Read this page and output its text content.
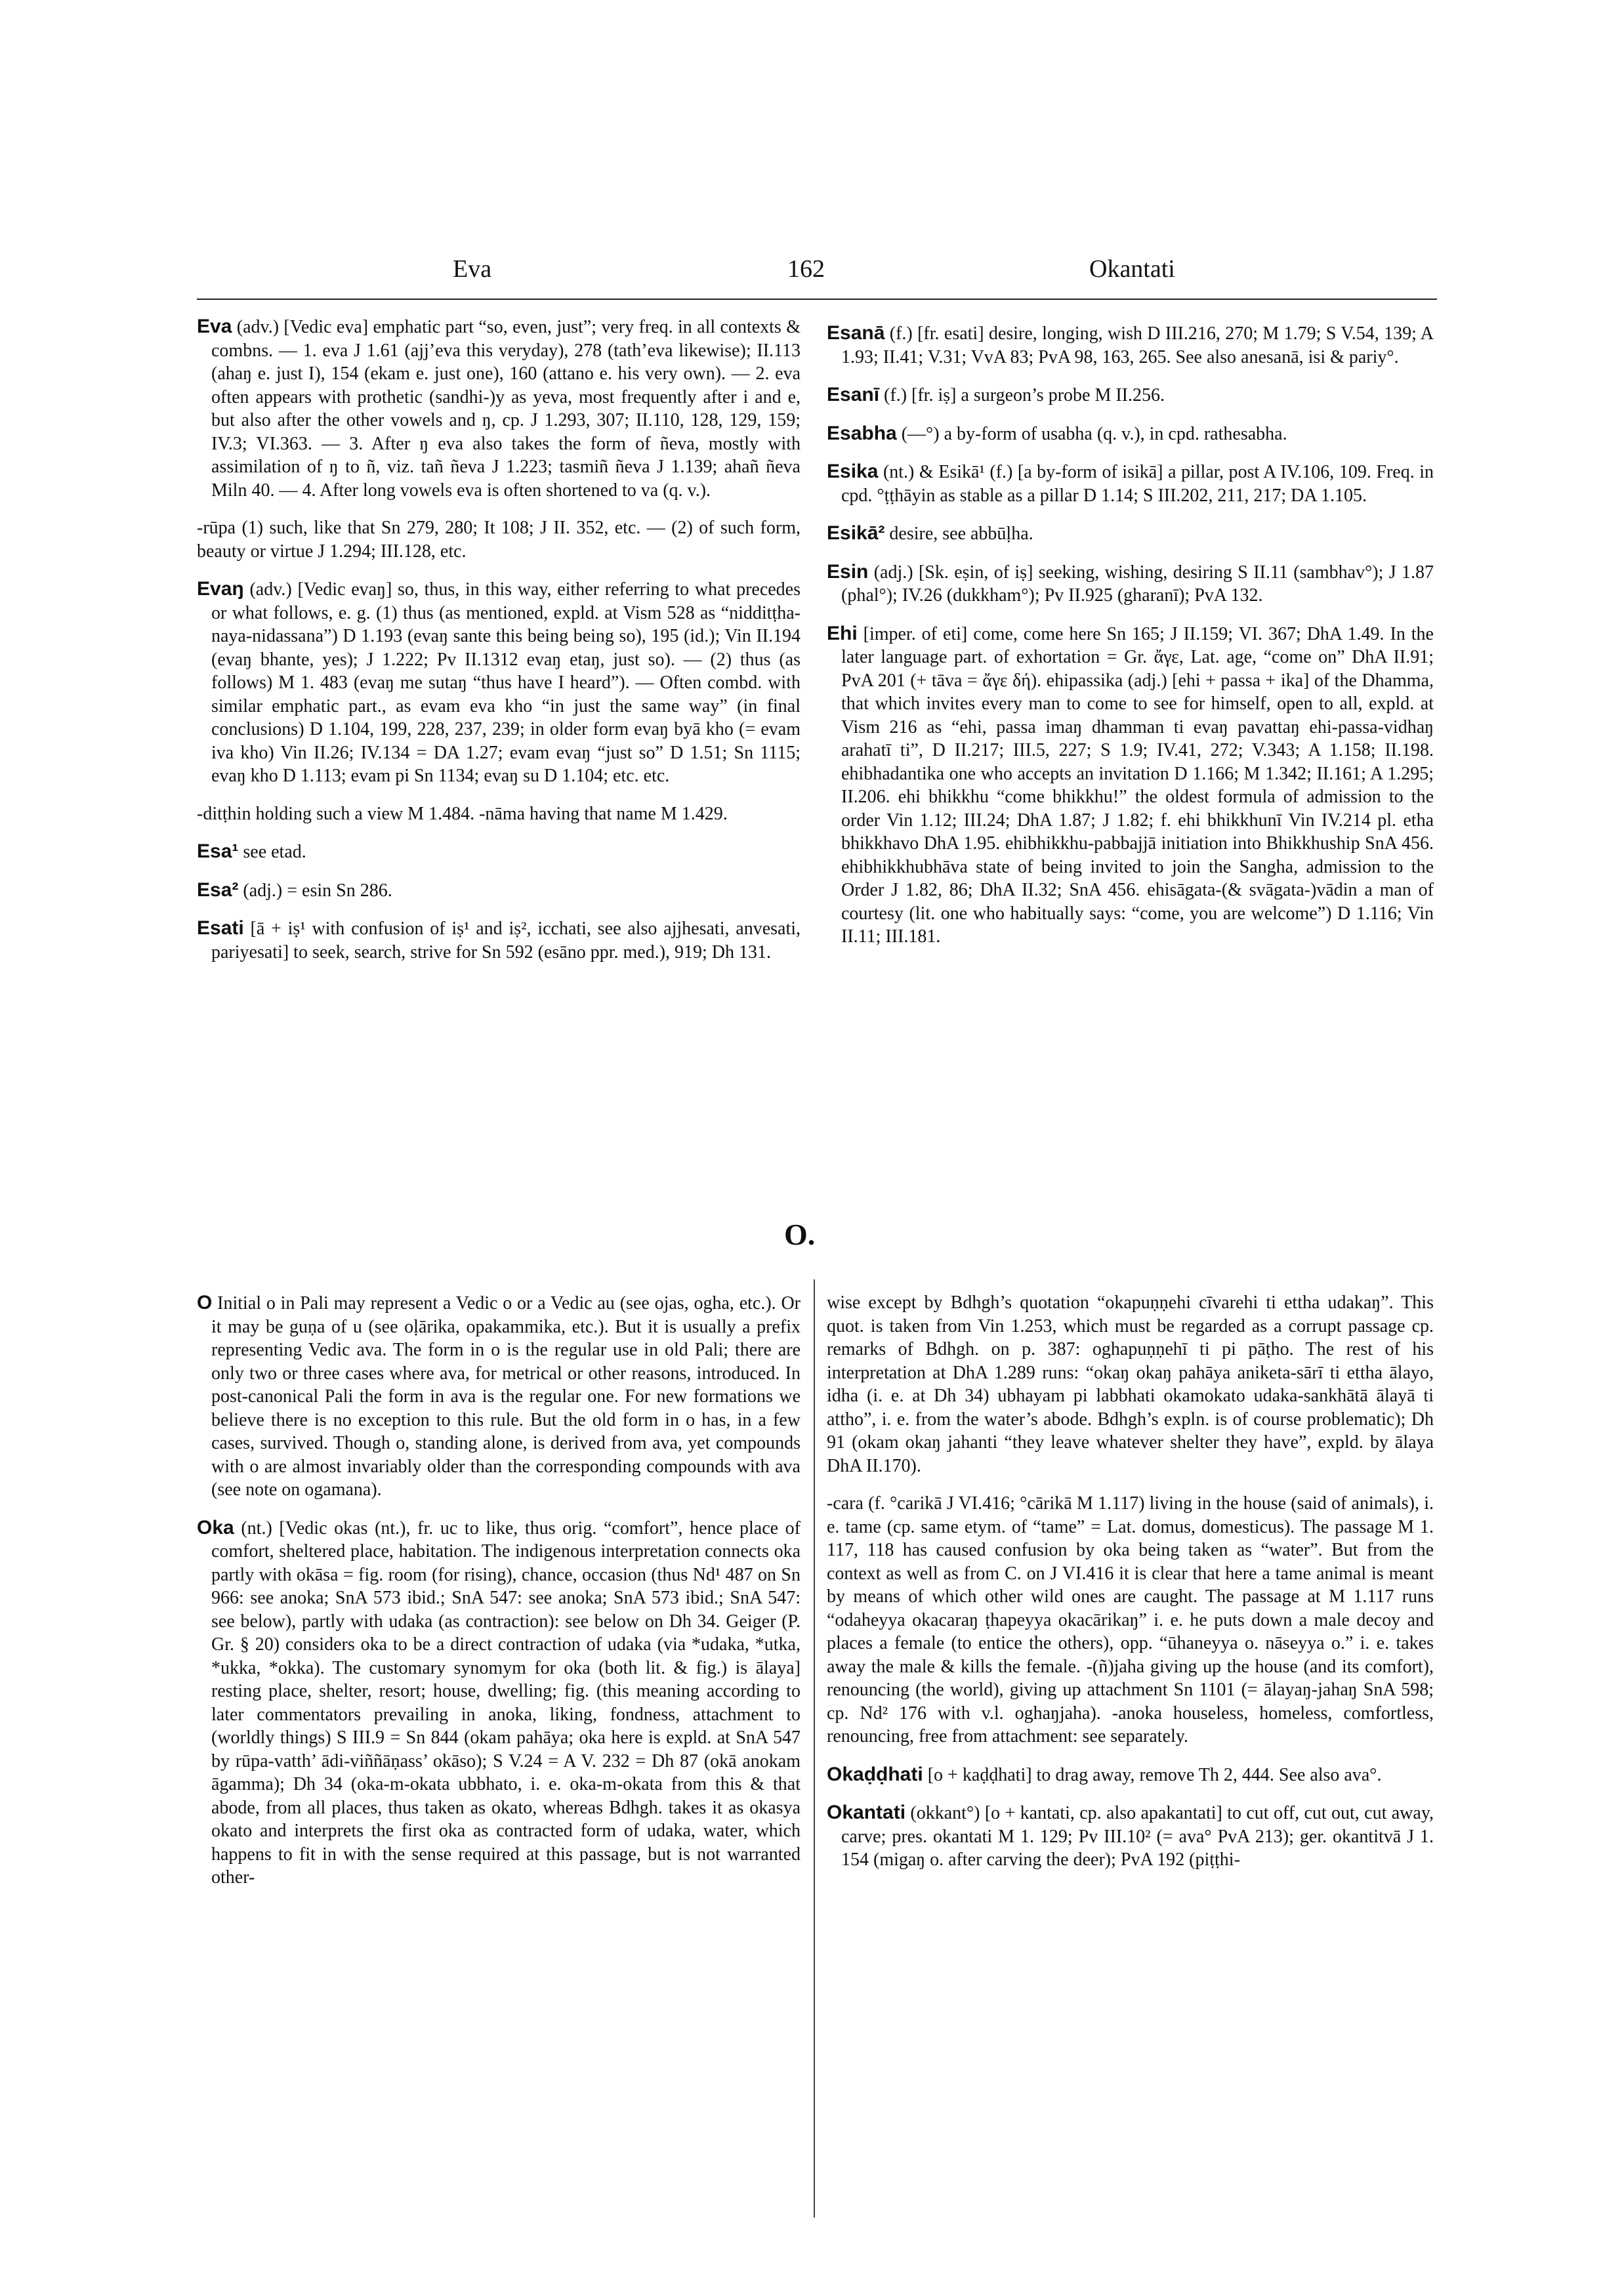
Eva	162	Okantati

Eva (adv.) [Vedic eva] emphatic part “so, even, just”; very freq. in all contexts & combns. — 1. eva J 1.61 (ajj’eva this veryday), 278 (tath’eva likewise); II.113 (ahaŋ e. just I), 154 (ekam e. just one), 160 (attano e. his very own). — 2. eva often appears with prothetic (sandhi-)y as yeva, most frequently after i and e, but also after the other vowels and ŋ, cp. J 1.293, 307; II.110, 128, 129, 159; IV.3; VI.363. — 3. After ŋ eva also takes the form of ñeva, mostly with assimilation of ŋ to ñ, viz. tañ ñeva J 1.223; tasmiñ ñeva J 1.139; ahañ ñeva Miln 40. — 4. After long vowels eva is often shortened to va (q. v.).

-rūpa (1) such, like that Sn 279, 280; It 108; J II. 352, etc. — (2) of such form, beauty or virtue J 1.294; III.128, etc.

Evaŋ (adv.) [Vedic evaŋ] so, thus, in this way, either referring to what precedes or what follows, e. g. (1) thus (as mentioned, expld. at Vism 528 as “nidditṭha-naya-nidassana”) D 1.193 (evaŋ sante this being being so), 195 (id.); Vin II.194 (evaŋ bhante, yes); J 1.222; Pv II.1312 evaŋ etaŋ, just so). — (2) thus (as follows) M 1. 483 (evaŋ me sutaŋ “thus have I heard”). — Often combd. with similar emphatic part., as evam eva kho “in just the same way” (in final conclusions) D 1.104, 199, 228, 237, 239; in older form evaŋ byā kho (= evam iva kho) Vin II.26; IV.134 = DA 1.27; evam evaŋ “just so” D 1.51; Sn 1115; evaŋ kho D 1.113; evam pi Sn 1134; evaŋ su D 1.104; etc. etc.

-ditṭhin holding such a view M 1.484. -nāma having that name M 1.429.

Esa¹ see etad.

Esa² (adj.) = esin Sn 286.

Esati [ā + iṣ¹ with confusion of iṣ¹ and iṣ², icchati, see also ajjhesati, anvesati, pariyesati] to seek, search, strive for Sn 592 (esāno ppr. med.), 919; Dh 131.

Esanā (f.) [fr. esati] desire, longing, wish D III.216, 270; M 1.79; S V.54, 139; A 1.93; II.41; V.31; VvA 83; PvA 98, 163, 265. See also anesanā, isi & pariy°.

Esanī (f.) [fr. iṣ] a surgeon’s probe M II.256.

Esabha (—°) a by-form of usabha (q. v.), in cpd. rathesabha.

Esika (nt.) & Esikā¹ (f.) [a by-form of isikā] a pillar, post A IV.106, 109. Freq. in cpd. °ṭṭhāyin as stable as a pillar D 1.14; S III.202, 211, 217; DA 1.105.

Esikā² desire, see abbūḷha.

Esin (adj.) [Sk. eṣin, of iṣ] seeking, wishing, desiring S II.11 (sambhav°); J 1.87 (phal°); IV.26 (dukkham°); Pv II.925 (gharanī); PvA 132.

Ehi [imper. of eti] come, come here Sn 165; J II.159; VI. 367; DhA 1.49. In the later language part. of exhortation = Gr. ἄγε, Lat. age, “come on” DhA II.91; PvA 201 (+ tāva = ἄγε δή). ehipassika (adj.) [ehi + passa + ika] of the Dhamma, that which invites every man to come to see for himself, open to all, expld. at Vism 216 as “ehi, passa imaŋ dhamman ti evaŋ pavattaŋ ehi-passa-vidhaŋ arahatī ti”, D II.217; III.5, 227; S 1.9; IV.41, 272; V.343; A 1.158; II.198. ehibhadantika one who accepts an invitation D 1.166; M 1.342; II.161; A 1.295; II.206. ehi bhikkhu “come bhikkhu!” the oldest formula of admission to the order Vin 1.12; III.24; DhA 1.87; J 1.82; f. ehi bhikkhunī Vin IV.214 pl. etha bhikkhavo DhA 1.95. ehibhikkhu-pabbajjā initiation into Bhikkhuship SnA 456. ehibhikkhubhāva state of being invited to join the Sangha, admission to the Order J 1.82, 86; DhA II.32; SnA 456. ehisāgata-(& svāgata-)vādin a man of courtesy (lit. one who habitually says: “come, you are welcome”) D 1.116; Vin II.11; III.181.

O.

O Initial o in Pali may represent a Vedic o or a Vedic au (see ojas, ogha, etc.). Or it may be guṇa of u (see oḷārika, opakammika, etc.). But it is usually a prefix representing Vedic ava. The form in o is the regular use in old Pali; there are only two or three cases where ava, for metrical or other reasons, introduced. In post-canonical Pali the form in ava is the regular one. For new formations we believe there is no exception to this rule. But the old form in o has, in a few cases, survived. Though o, standing alone, is derived from ava, yet compounds with o are almost invariably older than the corresponding compounds with ava (see note on ogamana).

Oka (nt.) [Vedic okas (nt.), fr. uc to like, thus orig. “comfort”, hence place of comfort, sheltered place, habitation. The indigenous interpretation connects oka partly with okāsa = fig. room (for rising), chance, occasion (thus Nd¹ 487 on Sn 966: see anoka; SnA 573 ibid.; SnA 547: see anoka; SnA 573 ibid.; SnA 547: see below), partly with udaka (as contraction): see below on Dh 34. Geiger (P. Gr. § 20) considers oka to be a direct contraction of udaka (via *udaka, *utka, *ukka, *okka). The customary synomym for oka (both lit. & fig.) is ālaya] resting place, shelter, resort; house, dwelling; fig. (this meaning according to later commentators prevailing in anoka, liking, fondness, attachment to (worldly things) S III.9 = Sn 844 (okam pahāya; oka here is expld. at SnA 547 by rūpa-vatth’ ādi-viññāṇass’ okāso); S V.24 = A V. 232 = Dh 87 (okā anokam āgamma); Dh 34 (oka-m-okata ubbhato, i. e. oka-m-okata from this & that abode, from all places, thus taken as okato, whereas Bdhgh. takes it as okasya okato and interprets the first oka as contracted form of udaka, water, which happens to fit in with the sense required at this passage, but is not warranted other-

wise except by Bdhgh’s quotation “okapuṇṇehi cīvarehi ti ettha udakaŋ”. This quot. is taken from Vin 1.253, which must be regarded as a corrupt passage cp. remarks of Bdhgh. on p. 387: oghapuṇṇehī ti pi pāṭho. The rest of his interpretation at DhA 1.289 runs: “okaŋ okaŋ pahāya aniketa-sārī ti ettha ālayo, idha (i. e. at Dh 34) ubhayam pi labbhati okamokato udaka-sankhātā ālayā ti attho”, i. e. from the water’s abode. Bdhgh’s expln. is of course problematic); Dh 91 (okam okaŋ jahanti “they leave whatever shelter they have”, expld. by ālaya DhA II.170).

-cara (f. °carikā J VI.416; °cārikā M 1.117) living in the house (said of animals), i. e. tame (cp. same etym. of “tame” = Lat. domus, domesticus). The passage M 1. 117, 118 has caused confusion by oka being taken as “water”. But from the context as well as from C. on J VI.416 it is clear that here a tame animal is meant by means of which other wild ones are caught. The passage at M 1.117 runs “odaheyya okacaraŋ ṭhapeyya okacārikaŋ” i. e. he puts down a male decoy and places a female (to entice the others), opp. “ūhaneyya o. nāseyya o.” i. e. takes away the male & kills the female. -(ñ)jaha giving up the house (and its comfort), renouncing (the world), giving up attachment Sn 1101 (= ālayaŋ-jahaŋ SnA 598; cp. Nd² 176 with v.l. oghaŋjaha). -anoka houseless, homeless, comfortless, renouncing, free from attachment: see separately.

Okaḍḍhati [o + kaḍḍhati] to drag away, remove Th 2, 444. See also ava°.

Okantati (okkant°) [o + kantati, cp. also apakantati] to cut off, cut out, cut away, carve; pres. okantati M 1. 129; Pv III.10² (= ava° PvA 213); ger. okantitvā J 1. 154 (migaŋ o. after carving the deer); PvA 192 (piṭṭhi-
